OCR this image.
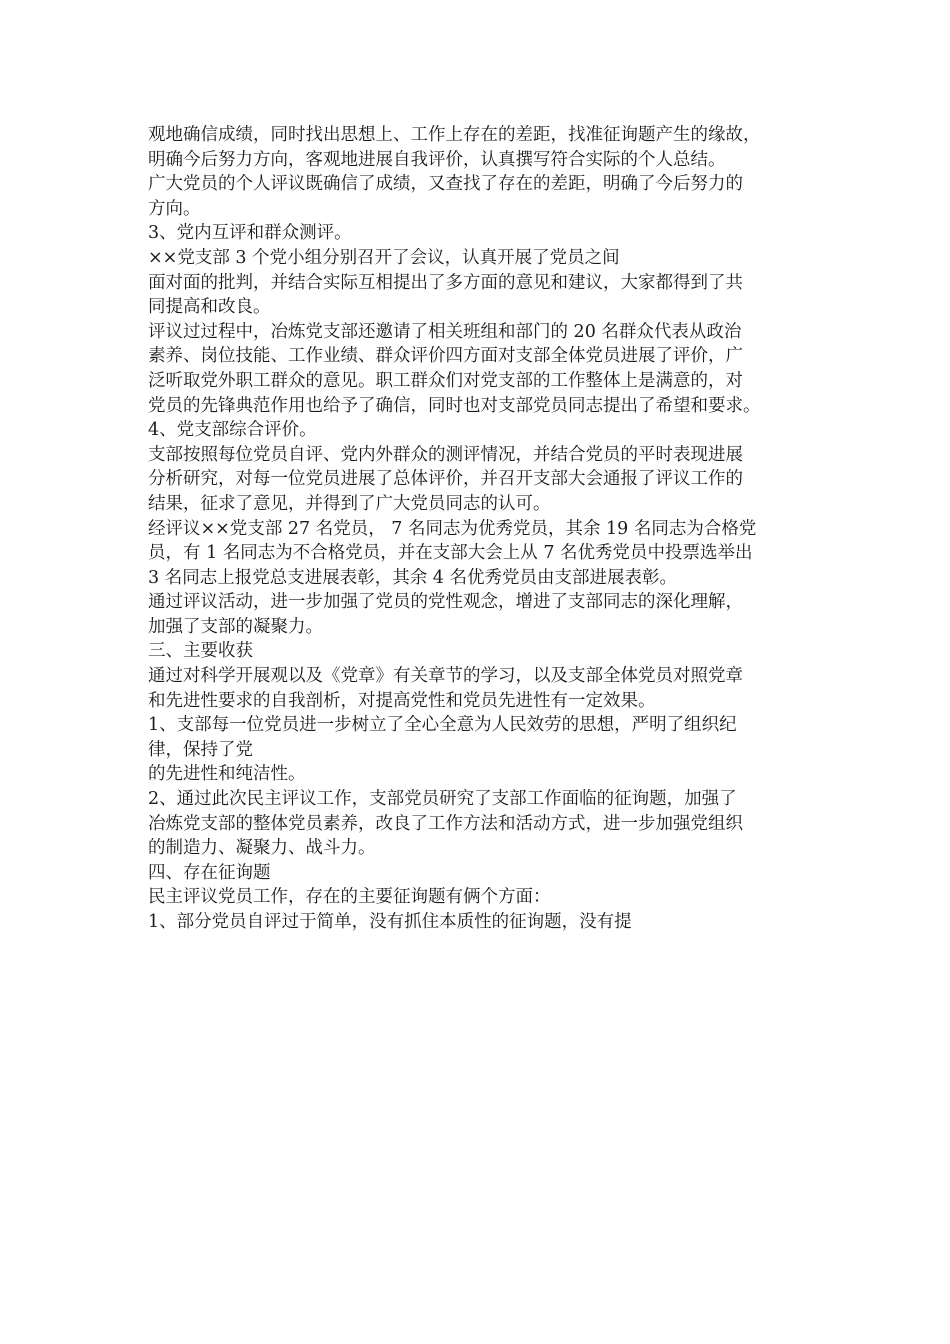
观地确信成绩，同时找出思想上、工作上存在的差距，找准征询题产生的缘故，
明确今后努力方向，客观地进展自我评价，认真撰写符合实际的个人总结。
广大党员的个人评议既确信了成绩，又查找了存在的差距，明确了今后努力的
方向。
3、党内互评和群众测评。
××党支部 3 个党小组分别召开了会议，认真开展了党员之间
面对面的批判，并结合实际互相提出了多方面的意见和建议，大家都得到了共
同提高和改良。
评议过过程中，冶炼党支部还邀请了相关班组和部门的 20 名群众代表从政治
素养、岗位技能、工作业绩、群众评价四方面对支部全体党员进展了评价，广
泛听取党外职工群众的意见。职工群众们对党支部的工作整体上是满意的，对
党员的先锋典范作用也给予了确信，同时也对支部党员同志提出了希望和要求。
4、党支部综合评价。
支部按照每位党员自评、党内外群众的测评情况，并结合党员的平时表现进展
分析研究，对每一位党员进展了总体评价，并召开支部大会通报了评议工作的
结果，征求了意见，并得到了广大党员同志的认可。
经评议××党支部 27 名党员， 7 名同志为优秀党员，其余 19 名同志为合格党
员，有 1 名同志为不合格党员，并在支部大会上从 7 名优秀党员中投票选举出
3 名同志上报党总支进展表彰，其余 4 名优秀党员由支部进展表彰。
通过评议活动，进一步加强了党员的党性观念，增进了支部同志的深化理解，
加强了支部的凝聚力。
三、主要收获
通过对科学开展观以及《党章》有关章节的学习，以及支部全体党员对照党章
和先进性要求的自我剖析，对提高党性和党员先进性有一定效果。
1、支部每一位党员进一步树立了全心全意为人民效劳的思想，严明了组织纪
律，保持了党
的先进性和纯洁性。
2、通过此次民主评议工作，支部党员研究了支部工作面临的征询题，加强了
冶炼党支部的整体党员素养，改良了工作方法和活动方式，进一步加强党组织
的制造力、凝聚力、战斗力。
四、存在征询题
民主评议党员工作，存在的主要征询题有俩个方面：
1、部分党员自评过于简单，没有抓住本质性的征询题，没有提
